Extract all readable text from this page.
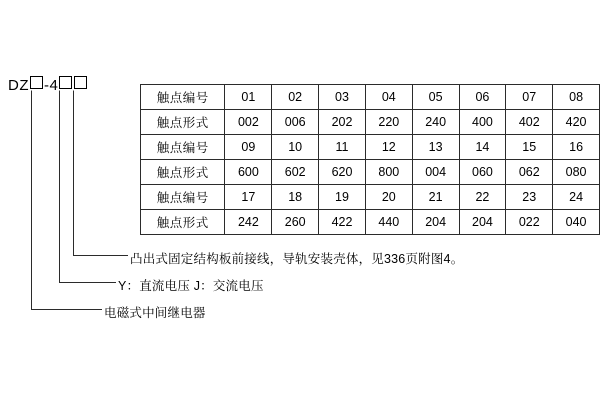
DZ -4
触点编号	01	02	03	04	05	06	07	08
触点形式	002	006	202	220	240	400	402	420
触点编号	09	10	11	12	13	14	15	16
触点形式	600	602	620	800	004	060	062	080
触点编号	17	18	19	20	21	22	23	24
触点形式	242	260	422	440	204	204	022	040
凸出式固定结构板前接线，导轨安装壳体，见336页附图4。
Y：直流电压 J：交流电压
电磁式中间继电器
